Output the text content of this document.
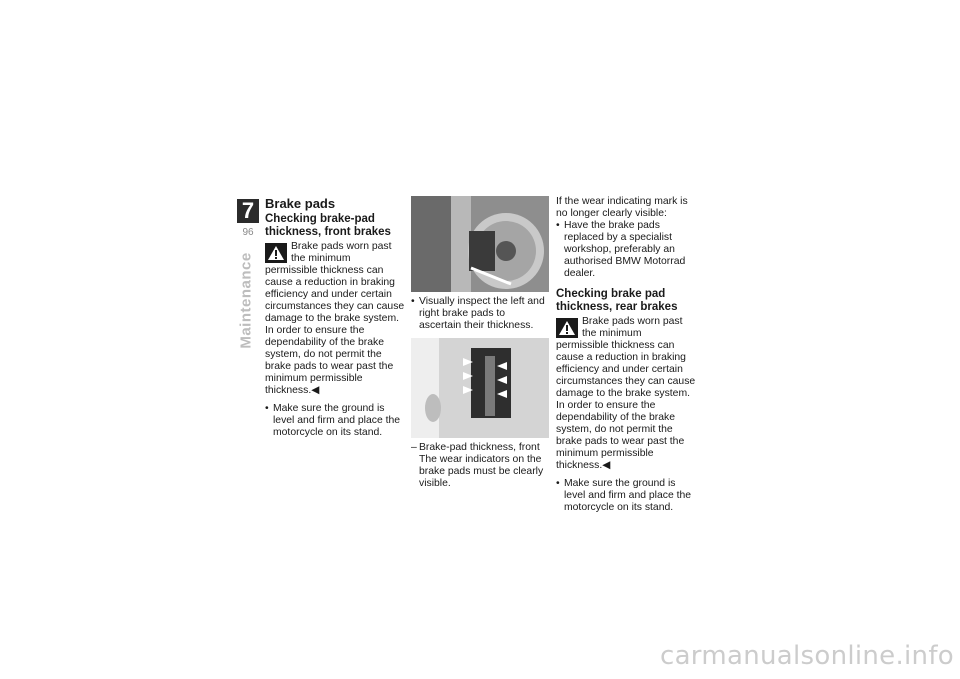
7
96
Maintenance
Brake pads
Checking brake-pad thickness, front brakes

Brake pads worn past the minimum permissible thickness can cause a reduction in braking efficiency and under certain circumstances they can cause damage to the brake system.

In order to ensure the dependability of the brake system, do not permit the brake pads to wear past the minimum permissible thickness.◀

• Make sure the ground is level and firm and place the motorcycle on its stand.
• Visually inspect the left and right brake pads to ascertain their thickness.

– Brake-pad thickness, front

The wear indicators on the brake pads must be clearly visible.

If the wear indicating mark is no longer clearly visible:

• Have the brake pads replaced by a specialist workshop, preferably an authorised BMW Motorrad dealer.
Checking brake pad thickness, rear brakes

Brake pads worn past the minimum permissible thickness can cause a reduction in braking efficiency and under certain circumstances they can cause damage to the brake system.

In order to ensure the dependability of the brake system, do not permit the brake pads to wear past the minimum permissible thickness.◀

• Make sure the ground is level and firm and place the motorcycle on its stand.
carmanualsonline.info
